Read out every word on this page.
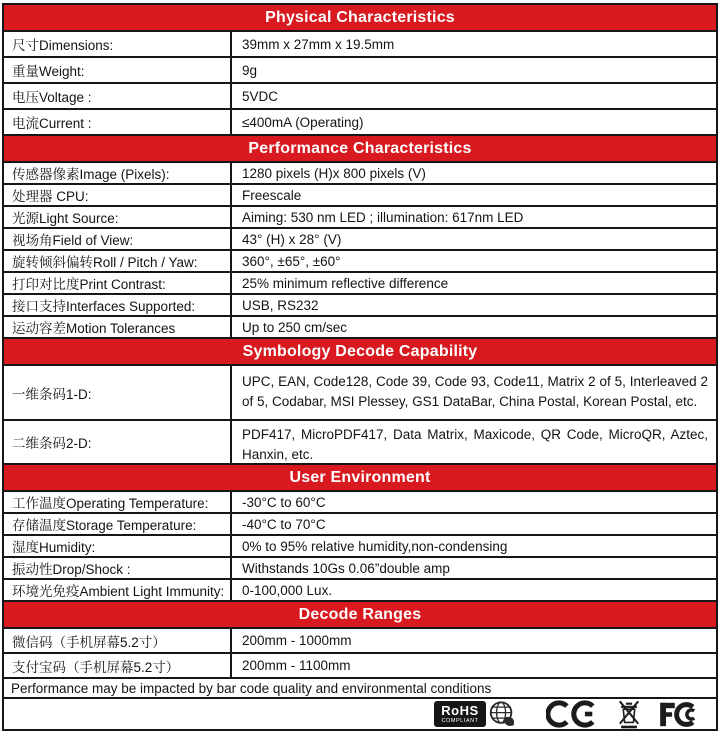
Physical Characteristics
尺寸Dimensions:	39mm x 27mm x 19.5mm
重量Weight:	9g
电压Voltage :	5VDC
电流Current :	≤400mA (Operating)
Performance Characteristics
传感器像素Image (Pixels):	1280 pixels (H)x 800 pixels (V)
处理器 CPU:	Freescale
光源Light Source:	Aiming: 530 nm LED ; illumination: 617nm LED
视场角Field of View:	43° (H) x 28° (V)
旋转倾斜偏转Roll / Pitch / Yaw:	360°, ±65°, ±60°
打印对比度Print Contrast:	25% minimum reflective difference
接口支持Interfaces Supported:	USB, RS232
运动容差Motion Tolerances	Up to 250 cm/sec
Symbology Decode Capability
一维条码1-D:
UPC, EAN, Code128, Code 39, Code 93, Code11, Matrix 2 of 5, Interleaved 2 of 5, Codabar, MSI Plessey, GS1 DataBar, China Postal, Korean Postal, etc.
二维条码2-D:
PDF417, MicroPDF417, Data Matrix, Maxicode, QR Code, MicroQR, Aztec, Hanxin, etc.
User Environment
工作温度Operating Temperature:	-30°C to 60°C
存储温度Storage Temperature:	-40°C to 70°C
湿度Humidity:	0% to 95% relative humidity,non-condensing
振动性Drop/Shock :	Withstands 10Gs 0.06”double amp
环境光免疫Ambient Light Immunity:	0-100,000 Lux.
Decode Ranges
微信码（手机屏幕5.2寸）	200mm - 1000mm
支付宝码（手机屏幕5.2寸）	200mm - 1100mm
Performance may be impacted by bar code quality and environmental conditions
RoHS
COMPLIANT
